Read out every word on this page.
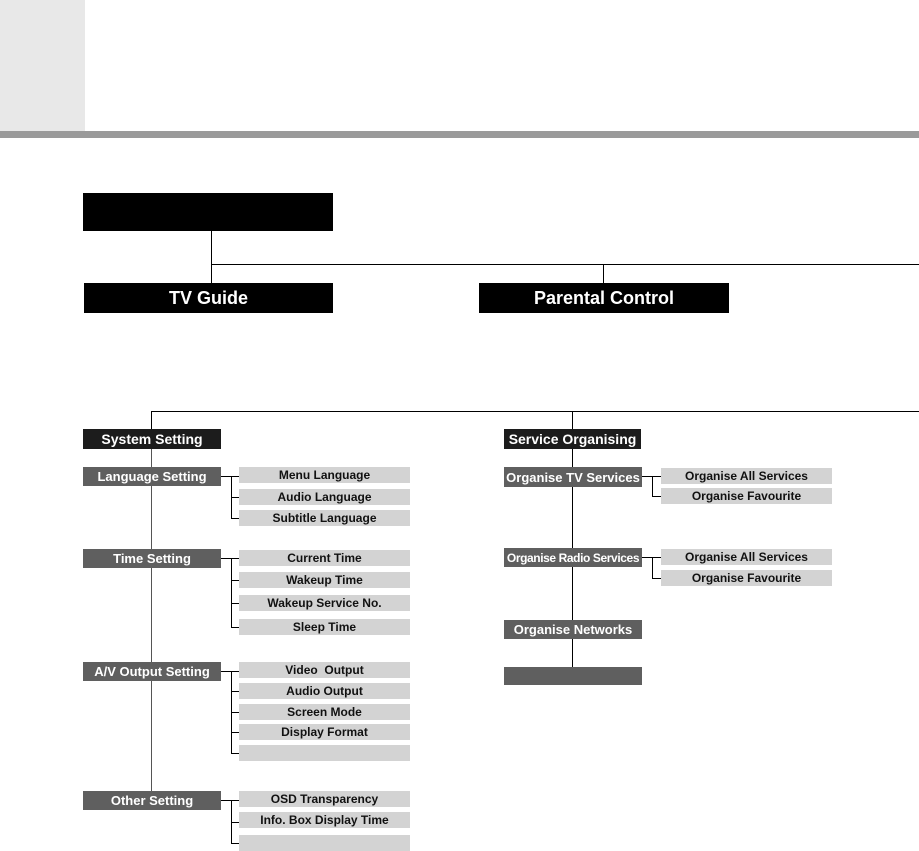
TV Guide	Parental Control
System Setting
Language Setting	Menu Language
Audio Language
Subtitle Language
Time Setting	Current Time
Wakeup Time
Wakeup Service No.
Sleep Time
A/V Output Setting	Video  Output
Audio Output
Screen Mode
Display Format
Other Setting	OSD Transparency
Info. Box Display Time
Service Organising
Organise TV Services	Organise All Services
Organise Favourite
Organise Radio Services	Organise All Services
Organise Favourite
Organise Networks
